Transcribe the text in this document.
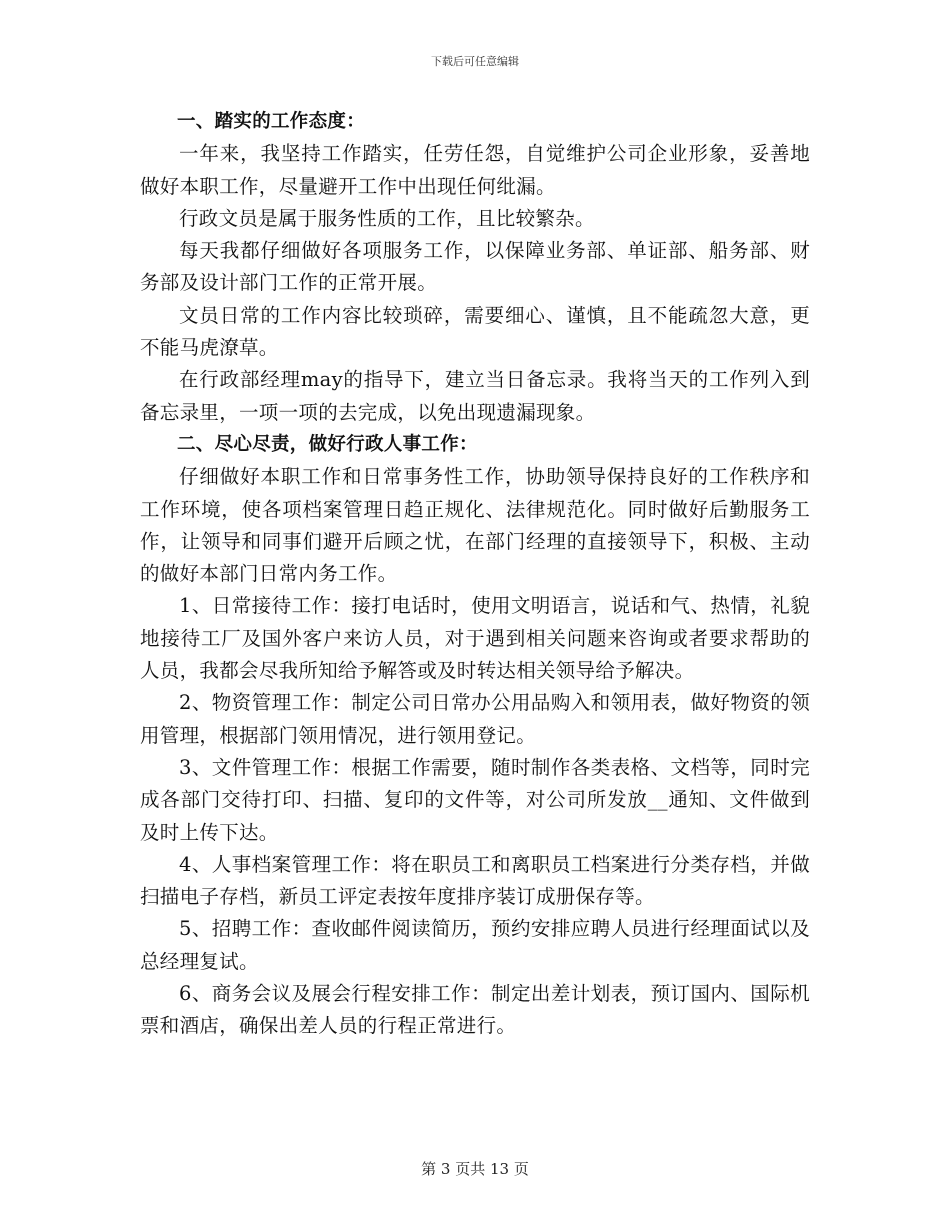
下载后可任意编辑

一、踏实的工作态度：

一年来，我坚持工作踏实，任劳任怨，自觉维护公司企业形象，妥善地做好本职工作，尽量避开工作中出现任何纰漏。

行政文员是属于服务性质的工作，且比较繁杂。

每天我都仔细做好各项服务工作，以保障业务部、单证部、船务部、财务部及设计部门工作的正常开展。

文员日常的工作内容比较琐碎，需要细心、谨慎，且不能疏忽大意，更不能马虎潦草。

在行政部经理may的指导下，建立当日备忘录。我将当天的工作列入到备忘录里，一项一项的去完成，以免出现遗漏现象。

二、尽心尽责，做好行政人事工作：

仔细做好本职工作和日常事务性工作，协助领导保持良好的工作秩序和工作环境，使各项档案管理日趋正规化、法律规范化。同时做好后勤服务工作，让领导和同事们避开后顾之忧，在部门经理的直接领导下，积极、主动的做好本部门日常内务工作。

1、日常接待工作：接打电话时，使用文明语言，说话和气、热情，礼貌地接待工厂及国外客户来访人员，对于遇到相关问题来咨询或者要求帮助的人员，我都会尽我所知给予解答或及时转达相关领导给予解决。

2、物资管理工作：制定公司日常办公用品购入和领用表，做好物资的领用管理，根据部门领用情况，进行领用登记。

3、文件管理工作：根据工作需要，随时制作各类表格、文档等，同时完成各部门交待打印、扫描、复印的文件等，对公司所发放__通知、文件做到及时上传下达。

4、人事档案管理工作：将在职员工和离职员工档案进行分类存档，并做扫描电子存档，新员工评定表按年度排序装订成册保存等。

5、招聘工作：查收邮件阅读简历，预约安排应聘人员进行经理面试以及总经理复试。

6、商务会议及展会行程安排工作：制定出差计划表，预订国内、国际机票和酒店，确保出差人员的行程正常进行。

第 3 页共 13 页
